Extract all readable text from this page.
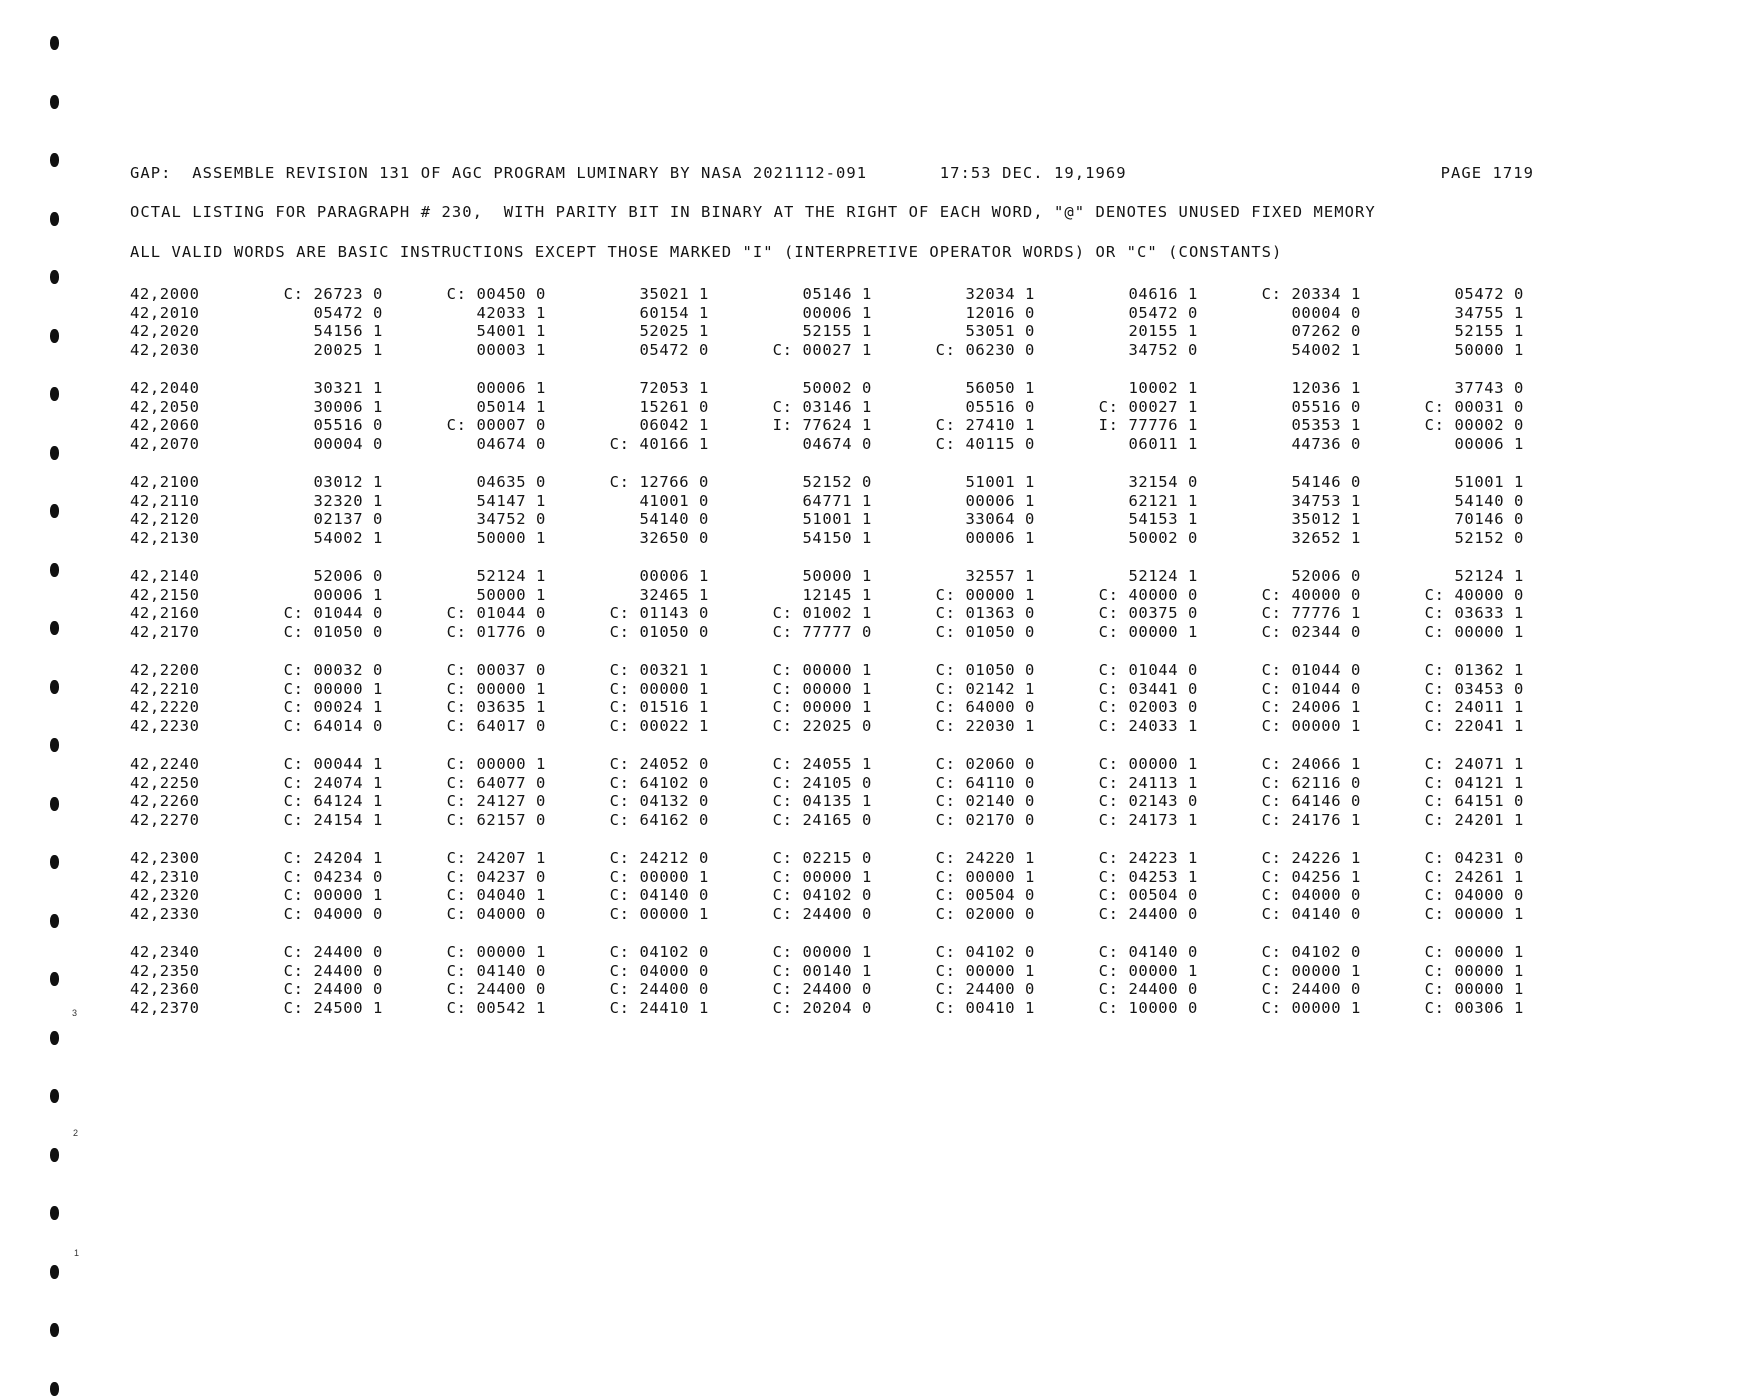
3
2
1
GAP:  ASSEMBLE REVISION 131 OF AGC PROGRAM LUMINARY BY NASA 2021112-091       17:53 DEC. 19,1969	PAGE 1719
OCTAL LISTING FOR PARAGRAPH # 230,  WITH PARITY BIT IN BINARY AT THE RIGHT OF EACH WORD, "@" DENOTES UNUSED FIXED MEMORY
ALL VALID WORDS ARE BASIC INSTRUCTIONS EXCEPT THOSE MARKED "I" (INTERPRETIVE OPERATOR WORDS) OR "C" (CONSTANTS)
42,2000	C: 26723 0	C: 00450 0	35021 1	05146 1	32034 1	04616 1	C: 20334 1	05472 0
42,2010	05472 0	42033 1	60154 1	00006 1	12016 0	05472 0	00004 0	34755 1
42,2020	54156 1	54001 1	52025 1	52155 1	53051 0	20155 1	07262 0	52155 1
42,2030	20025 1	00003 1	05472 0	C: 00027 1	C: 06230 0	34752 0	54002 1	50000 1
42,2040	30321 1	00006 1	72053 1	50002 0	56050 1	10002 1	12036 1	37743 0
42,2050	30006 1	05014 1	15261 0	C: 03146 1	05516 0	C: 00027 1	05516 0	C: 00031 0
42,2060	05516 0	C: 00007 0	06042 1	I: 77624 1	C: 27410 1	I: 77776 1	05353 1	C: 00002 0
42,2070	00004 0	04674 0	C: 40166 1	04674 0	C: 40115 0	06011 1	44736 0	00006 1
42,2100	03012 1	04635 0	C: 12766 0	52152 0	51001 1	32154 0	54146 0	51001 1
42,2110	32320 1	54147 1	41001 0	64771 1	00006 1	62121 1	34753 1	54140 0
42,2120	02137 0	34752 0	54140 0	51001 1	33064 0	54153 1	35012 1	70146 0
42,2130	54002 1	50000 1	32650 0	54150 1	00006 1	50002 0	32652 1	52152 0
42,2140	52006 0	52124 1	00006 1	50000 1	32557 1	52124 1	52006 0	52124 1
42,2150	00006 1	50000 1	32465 1	12145 1	C: 00000 1	C: 40000 0	C: 40000 0	C: 40000 0
42,2160	C: 01044 0	C: 01044 0	C: 01143 0	C: 01002 1	C: 01363 0	C: 00375 0	C: 77776 1	C: 03633 1
42,2170	C: 01050 0	C: 01776 0	C: 01050 0	C: 77777 0	C: 01050 0	C: 00000 1	C: 02344 0	C: 00000 1
42,2200	C: 00032 0	C: 00037 0	C: 00321 1	C: 00000 1	C: 01050 0	C: 01044 0	C: 01044 0	C: 01362 1
42,2210	C: 00000 1	C: 00000 1	C: 00000 1	C: 00000 1	C: 02142 1	C: 03441 0	C: 01044 0	C: 03453 0
42,2220	C: 00024 1	C: 03635 1	C: 01516 1	C: 00000 1	C: 64000 0	C: 02003 0	C: 24006 1	C: 24011 1
42,2230	C: 64014 0	C: 64017 0	C: 00022 1	C: 22025 0	C: 22030 1	C: 24033 1	C: 00000 1	C: 22041 1
42,2240	C: 00044 1	C: 00000 1	C: 24052 0	C: 24055 1	C: 02060 0	C: 00000 1	C: 24066 1	C: 24071 1
42,2250	C: 24074 1	C: 64077 0	C: 64102 0	C: 24105 0	C: 64110 0	C: 24113 1	C: 62116 0	C: 04121 1
42,2260	C: 64124 1	C: 24127 0	C: 04132 0	C: 04135 1	C: 02140 0	C: 02143 0	C: 64146 0	C: 64151 0
42,2270	C: 24154 1	C: 62157 0	C: 64162 0	C: 24165 0	C: 02170 0	C: 24173 1	C: 24176 1	C: 24201 1
42,2300	C: 24204 1	C: 24207 1	C: 24212 0	C: 02215 0	C: 24220 1	C: 24223 1	C: 24226 1	C: 04231 0
42,2310	C: 04234 0	C: 04237 0	C: 00000 1	C: 00000 1	C: 00000 1	C: 04253 1	C: 04256 1	C: 24261 1
42,2320	C: 00000 1	C: 04040 1	C: 04140 0	C: 04102 0	C: 00504 0	C: 00504 0	C: 04000 0	C: 04000 0
42,2330	C: 04000 0	C: 04000 0	C: 00000 1	C: 24400 0	C: 02000 0	C: 24400 0	C: 04140 0	C: 00000 1
42,2340	C: 24400 0	C: 00000 1	C: 04102 0	C: 00000 1	C: 04102 0	C: 04140 0	C: 04102 0	C: 00000 1
42,2350	C: 24400 0	C: 04140 0	C: 04000 0	C: 00140 1	C: 00000 1	C: 00000 1	C: 00000 1	C: 00000 1
42,2360	C: 24400 0	C: 24400 0	C: 24400 0	C: 24400 0	C: 24400 0	C: 24400 0	C: 24400 0	C: 00000 1
42,2370	C: 24500 1	C: 00542 1	C: 24410 1	C: 20204 0	C: 00410 1	C: 10000 0	C: 00000 1	C: 00306 1
